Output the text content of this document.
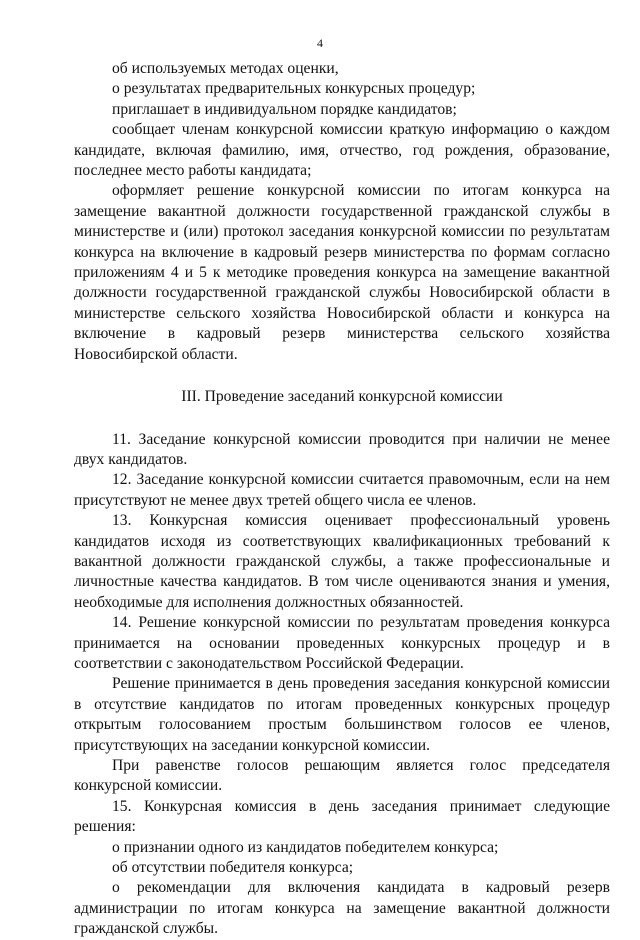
4

об используемых методах оценки,

о результатах предварительных конкурсных процедур;

приглашает в индивидуальном порядке кандидатов;

сообщает членам конкурсной комиссии краткую информацию о каждом кандидате, включая фамилию, имя, отчество, год рождения, образование, последнее место работы кандидата;

оформляет решение конкурсной комиссии по итогам конкурса на замещение вакантной должности государственной гражданской службы в министерстве и (или) протокол заседания конкурсной комиссии по результатам конкурса на включение в кадровый резерв министерства по формам согласно приложениям 4 и 5 к методике проведения конкурса на замещение вакантной должности государственной гражданской службы Новосибирской области в министерстве сельского хозяйства Новосибирской области и конкурса на включение в кадровый резерв министерства сельского хозяйства Новосибирской области.

III. Проведение заседаний конкурсной комиссии

11. Заседание конкурсной комиссии проводится при наличии не менее двух кандидатов.

12. Заседание конкурсной комиссии считается правомочным, если на нем присутствуют не менее двух третей общего числа ее членов.

13. Конкурсная комиссия оценивает профессиональный уровень кандидатов исходя из соответствующих квалификационных требований к вакантной должности гражданской службы, а также профессиональные и личностные качества кандидатов. В том числе оцениваются знания и умения, необходимые для исполнения должностных обязанностей.

14. Решение конкурсной комиссии по результатам проведения конкурса принимается на основании проведенных конкурсных процедур и в соответствии с законодательством Российской Федерации.

Решение принимается в день проведения заседания конкурсной комиссии в отсутствие кандидатов по итогам проведенных конкурсных процедур открытым голосованием простым большинством голосов ее членов, присутствующих на заседании конкурсной комиссии.

При равенстве голосов решающим является голос председателя конкурсной комиссии.

15. Конкурсная комиссия в день заседания принимает следующие решения:

о признании одного из кандидатов победителем конкурса;

об отсутствии победителя конкурса;

о рекомендации для включения кандидата в кадровый резерв администрации по итогам конкурса на замещение вакантной должности гражданской службы.
